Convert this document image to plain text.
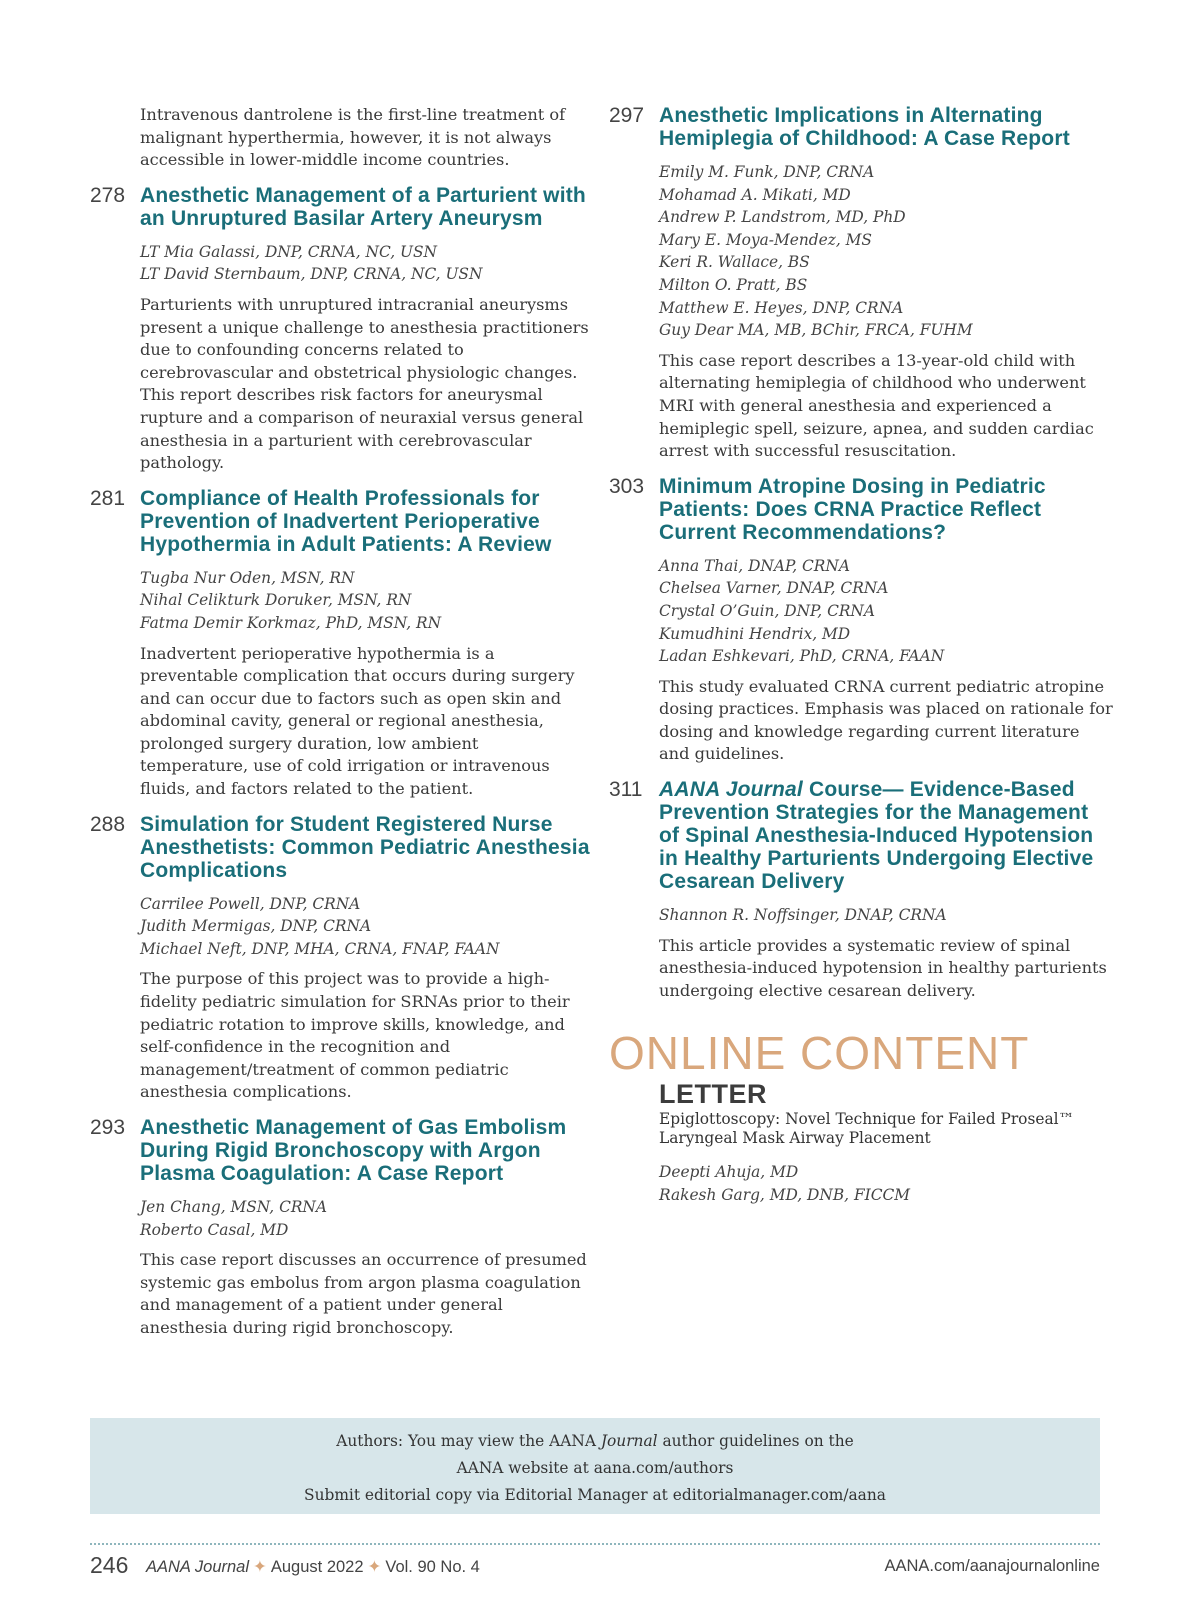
Intravenous dantrolene is the first-line treatment of malignant hyperthermia, however, it is not always accessible in lower-middle income countries.
278 Anesthetic Management of a Parturient with an Unruptured Basilar Artery Aneurysm
LT Mia Galassi, DNP, CRNA, NC, USN
LT David Sternbaum, DNP, CRNA, NC, USN
Parturients with unruptured intracranial aneurysms present a unique challenge to anesthesia practitioners due to confounding concerns related to cerebrovascular and obstetrical physiologic changes. This report describes risk factors for aneurysmal rupture and a comparison of neuraxial versus general anesthesia in a parturient with cerebrovascular pathology.
281 Compliance of Health Professionals for Prevention of Inadvertent Perioperative Hypothermia in Adult Patients: A Review
Tugba Nur Oden, MSN, RN
Nihal Celikturk Doruker, MSN, RN
Fatma Demir Korkmaz, PhD, MSN, RN
Inadvertent perioperative hypothermia is a preventable complication that occurs during surgery and can occur due to factors such as open skin and abdominal cavity, general or regional anesthesia, prolonged surgery duration, low ambient temperature, use of cold irrigation or intravenous fluids, and factors related to the patient.
288 Simulation for Student Registered Nurse Anesthetists: Common Pediatric Anesthesia Complications
Carrilee Powell, DNP, CRNA
Judith Mermigas, DNP, CRNA
Michael Neft, DNP, MHA, CRNA, FNAP, FAAN
The purpose of this project was to provide a high-fidelity pediatric simulation for SRNAs prior to their pediatric rotation to improve skills, knowledge, and self-confidence in the recognition and management/treatment of common pediatric anesthesia complications.
293 Anesthetic Management of Gas Embolism During Rigid Bronchoscopy with Argon Plasma Coagulation: A Case Report
Jen Chang, MSN, CRNA
Roberto Casal, MD
This case report discusses an occurrence of presumed systemic gas embolus from argon plasma coagulation and management of a patient under general anesthesia during rigid bronchoscopy.
297 Anesthetic Implications in Alternating Hemiplegia of Childhood: A Case Report
Emily M. Funk, DNP, CRNA
Mohamad A. Mikati, MD
Andrew P. Landstrom, MD, PhD
Mary E. Moya-Mendez, MS
Keri R. Wallace, BS
Milton O. Pratt, BS
Matthew E. Heyes, DNP, CRNA
Guy Dear MA, MB, BChir, FRCA, FUHM
This case report describes a 13-year-old child with alternating hemiplegia of childhood who underwent MRI with general anesthesia and experienced a hemiplegic spell, seizure, apnea, and sudden cardiac arrest with successful resuscitation.
303 Minimum Atropine Dosing in Pediatric Patients: Does CRNA Practice Reflect Current Recommendations?
Anna Thai, DNAP, CRNA
Chelsea Varner, DNAP, CRNA
Crystal O’Guin, DNP, CRNA
Kumudhini Hendrix, MD
Ladan Eshkevari, PhD, CRNA, FAAN
This study evaluated CRNA current pediatric atropine dosing practices. Emphasis was placed on rationale for dosing and knowledge regarding current literature and guidelines.
311 AANA Journal Course— Evidence-Based Prevention Strategies for the Management of Spinal Anesthesia-Induced Hypotension in Healthy Parturients Undergoing Elective Cesarean Delivery
Shannon R. Noffsinger, DNAP, CRNA
This article provides a systematic review of spinal anesthesia-induced hypotension in healthy parturients undergoing elective cesarean delivery.
ONLINE CONTENT
LETTER
Epiglottoscopy: Novel Technique for Failed Proseal™ Laryngeal Mask Airway Placement
Deepti Ahuja, MD
Rakesh Garg, MD, DNB, FICCM
Authors: You may view the AANA Journal author guidelines on the
AANA website at aana.com/authors
Submit editorial copy via Editorial Manager at editorialmanager.com/aana
246 AANA Journal ✦ August 2022 ✦ Vol. 90 No. 4	AANA.com/aanajournalonline
